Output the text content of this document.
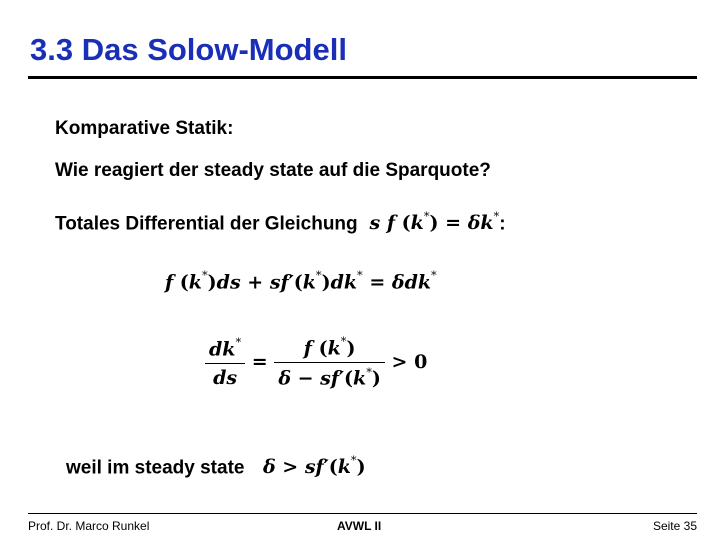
3.3 Das Solow-Modell
Komparative Statik:
Wie reagiert der steady state auf die Sparquote?
Totales Differential der Gleichung  s f (k*) = δk*:
f (k*)ds + sf′(k*)dk* = δdk*
$\frac{dk^*}{ds} = \frac{f (k^*)}{\delta - sf'(k^*)} > 0$
weil im steady state   δ > sf′(k*)
Prof. Dr. Marco Runkel	AVWL II	Seite 35
